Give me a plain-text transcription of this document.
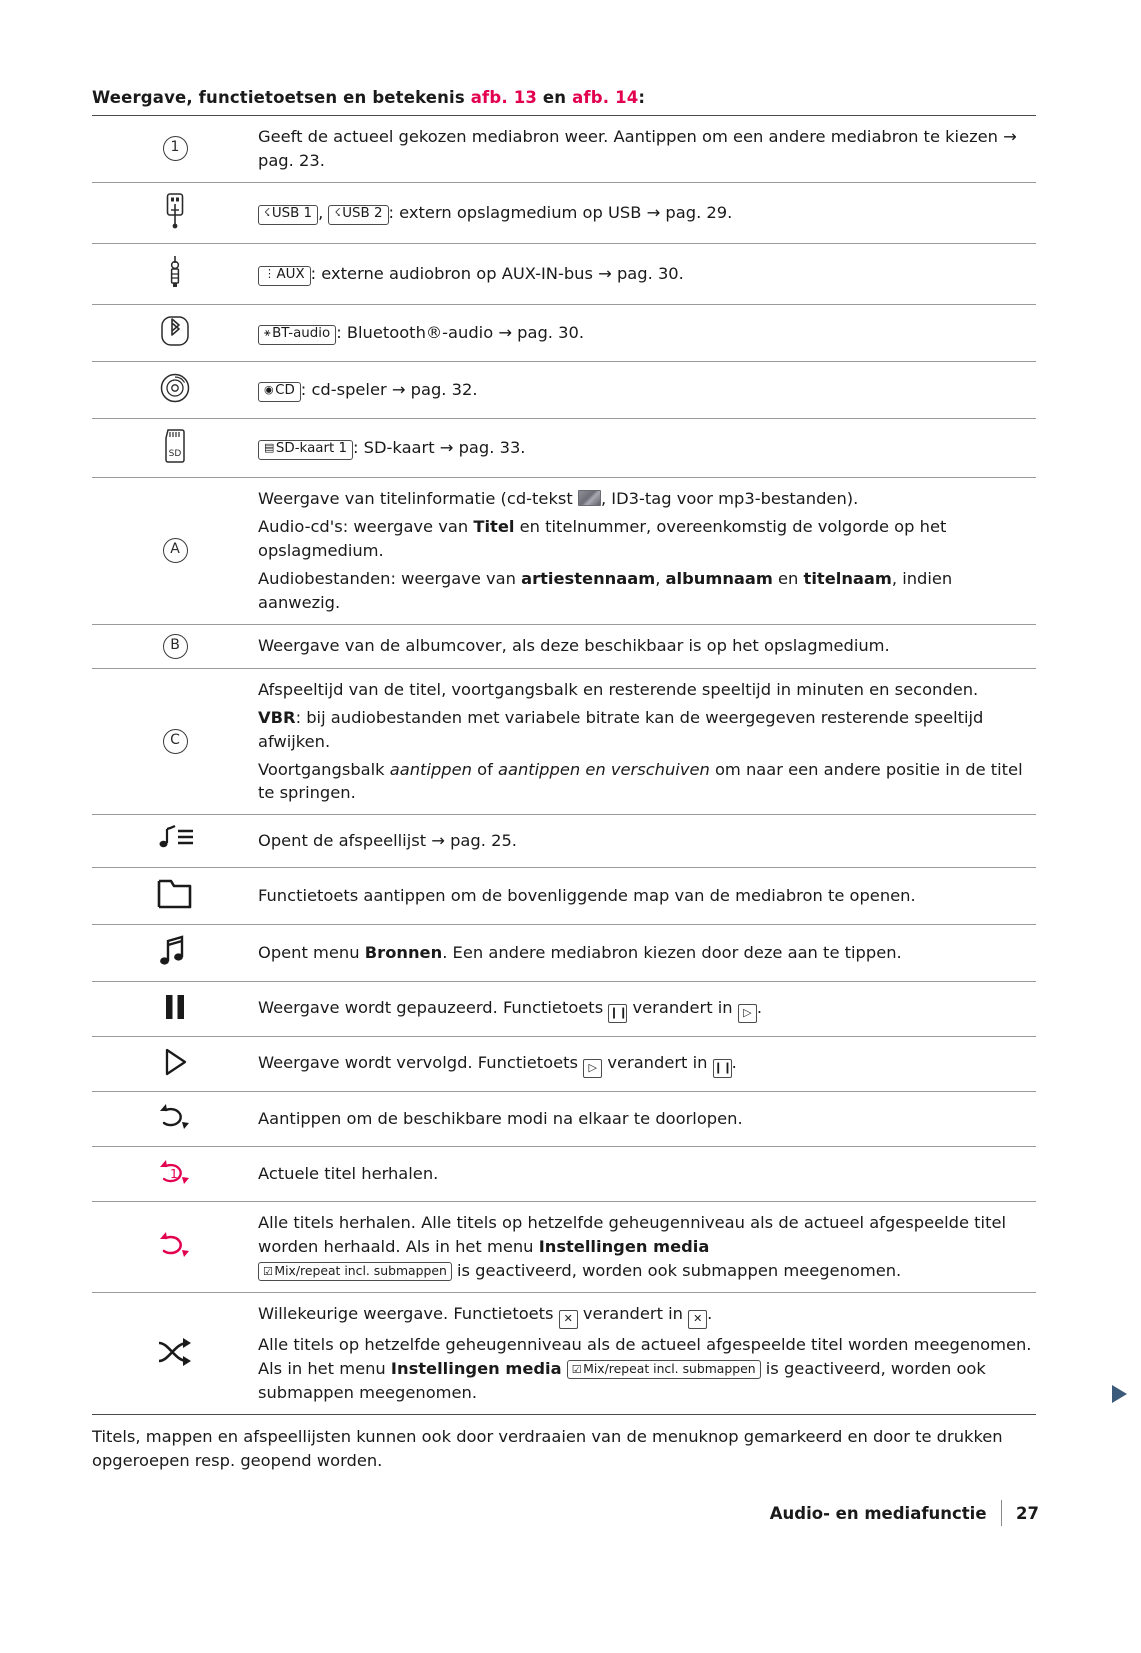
Weergave, functietoetsen en betekenis afb. 13 en afb. 14:
1	Geeft de actueel gekozen mediabron weer. Aantippen om een andere mediabron te kiezen → pag. 23.

☇ USB 1 , ☇ USB 2 : extern opslagmedium op USB → pag. 29.

⋮ AUX : externe audiobron op AUX-IN-bus → pag. 30.

⚹ BT-audio : Bluetooth®-audio → pag. 30.

◉ CD : cd-speler → pag. 32.

SD	▤ SD-kaart 1 : SD-kaart → pag. 33.

A	Weergave van titelinformatie (cd-tekst , ID3-tag voor mp3-bestanden).

Audio-cd's: weergave van Titel en titelnummer, overeenkomstig de volgorde op het opslagmedium.

Audiobestanden: weergave van artiestennaam, albumnaam en titelnaam, indien aanwezig.

B	Weergave van de albumcover, als deze beschikbaar is op het opslagmedium.

C	Afspeeltijd van de titel, voortgangsbalk en resterende speeltijd in minuten en seconden.

VBR: bij audiobestanden met variabele bitrate kan de weergegeven resterende speeltijd afwijken.

Voortgangsbalk aantippen of aantippen en verschuiven om naar een andere positie in de titel te springen.

Opent de afspeellijst → pag. 25.

Functietoets aantippen om de bovenliggende map van de mediabron te openen.

Opent menu Bronnen. Een andere mediabron kiezen door deze aan te tippen.

Weergave wordt gepauzeerd. Functietoets ❙❙ verandert in ▷ .

Weergave wordt vervolgd. Functietoets ▷ verandert in ❙❙.

Aantippen om de beschikbare modi na elkaar te doorlopen.

1	Actuele titel herhalen.

Alle titels herhalen. Alle titels op hetzelfde geheugenniveau als de actueel afgespeelde titel worden herhaald. Als in het menu Instellingen media
☑ Mix/repeat incl. submappen is geactiveerd, worden ook submappen meegenomen.

Willekeurige weergave. Functietoets ✕ verandert in ✕ .

Alle titels op hetzelfde geheugenniveau als de actueel afgespeelde titel worden meegenomen. Als in het menu Instellingen media ☑ Mix/repeat incl. submappen is geactiveerd, worden ook submappen meegenomen.

Titels, mappen en afspeellijsten kunnen ook door verdraaien van de menuknop gemarkeerd en door te drukken opgeroepen resp. geopend worden.

Audio- en mediafunctie 27
